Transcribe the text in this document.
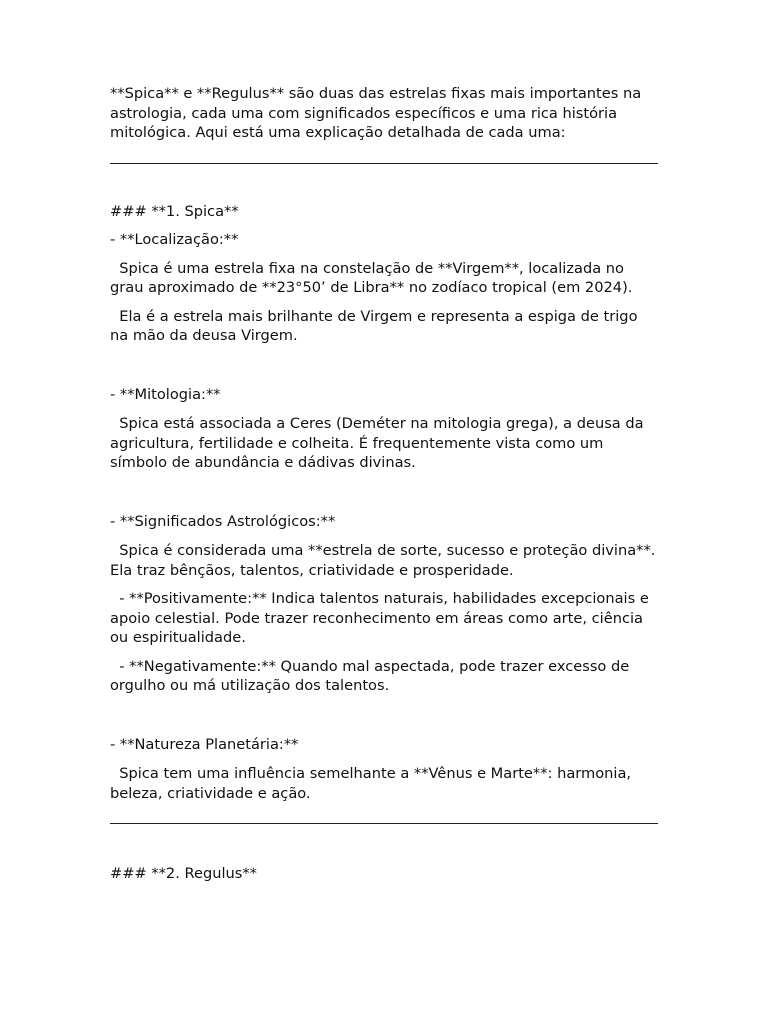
**Spica** e **Regulus** são duas das estrelas fixas mais importantes na astrologia, cada uma com significados específicos e uma rica história mitológica. Aqui está uma explicação detalhada de cada uma:

### **1. Spica**

- **Localização:**

Spica é uma estrela fixa na constelação de **Virgem**, localizada no grau aproximado de **23°50’ de Libra** no zodíaco tropical (em 2024).

Ela é a estrela mais brilhante de Virgem e representa a espiga de trigo na mão da deusa Virgem.

- **Mitologia:**

Spica está associada a Ceres (Deméter na mitologia grega), a deusa da agricultura, fertilidade e colheita. É frequentemente vista como um símbolo de abundância e dádivas divinas.

- **Significados Astrológicos:**

Spica é considerada uma **estrela de sorte, sucesso e proteção divina**. Ela traz bênçãos, talentos, criatividade e prosperidade.

- **Positivamente:** Indica talentos naturais, habilidades excepcionais e apoio celestial. Pode trazer reconhecimento em áreas como arte, ciência ou espiritualidade.

- **Negativamente:** Quando mal aspectada, pode trazer excesso de orgulho ou má utilização dos talentos.

- **Natureza Planetária:**

Spica tem uma influência semelhante a **Vênus e Marte**: harmonia, beleza, criatividade e ação.

### **2. Regulus**
